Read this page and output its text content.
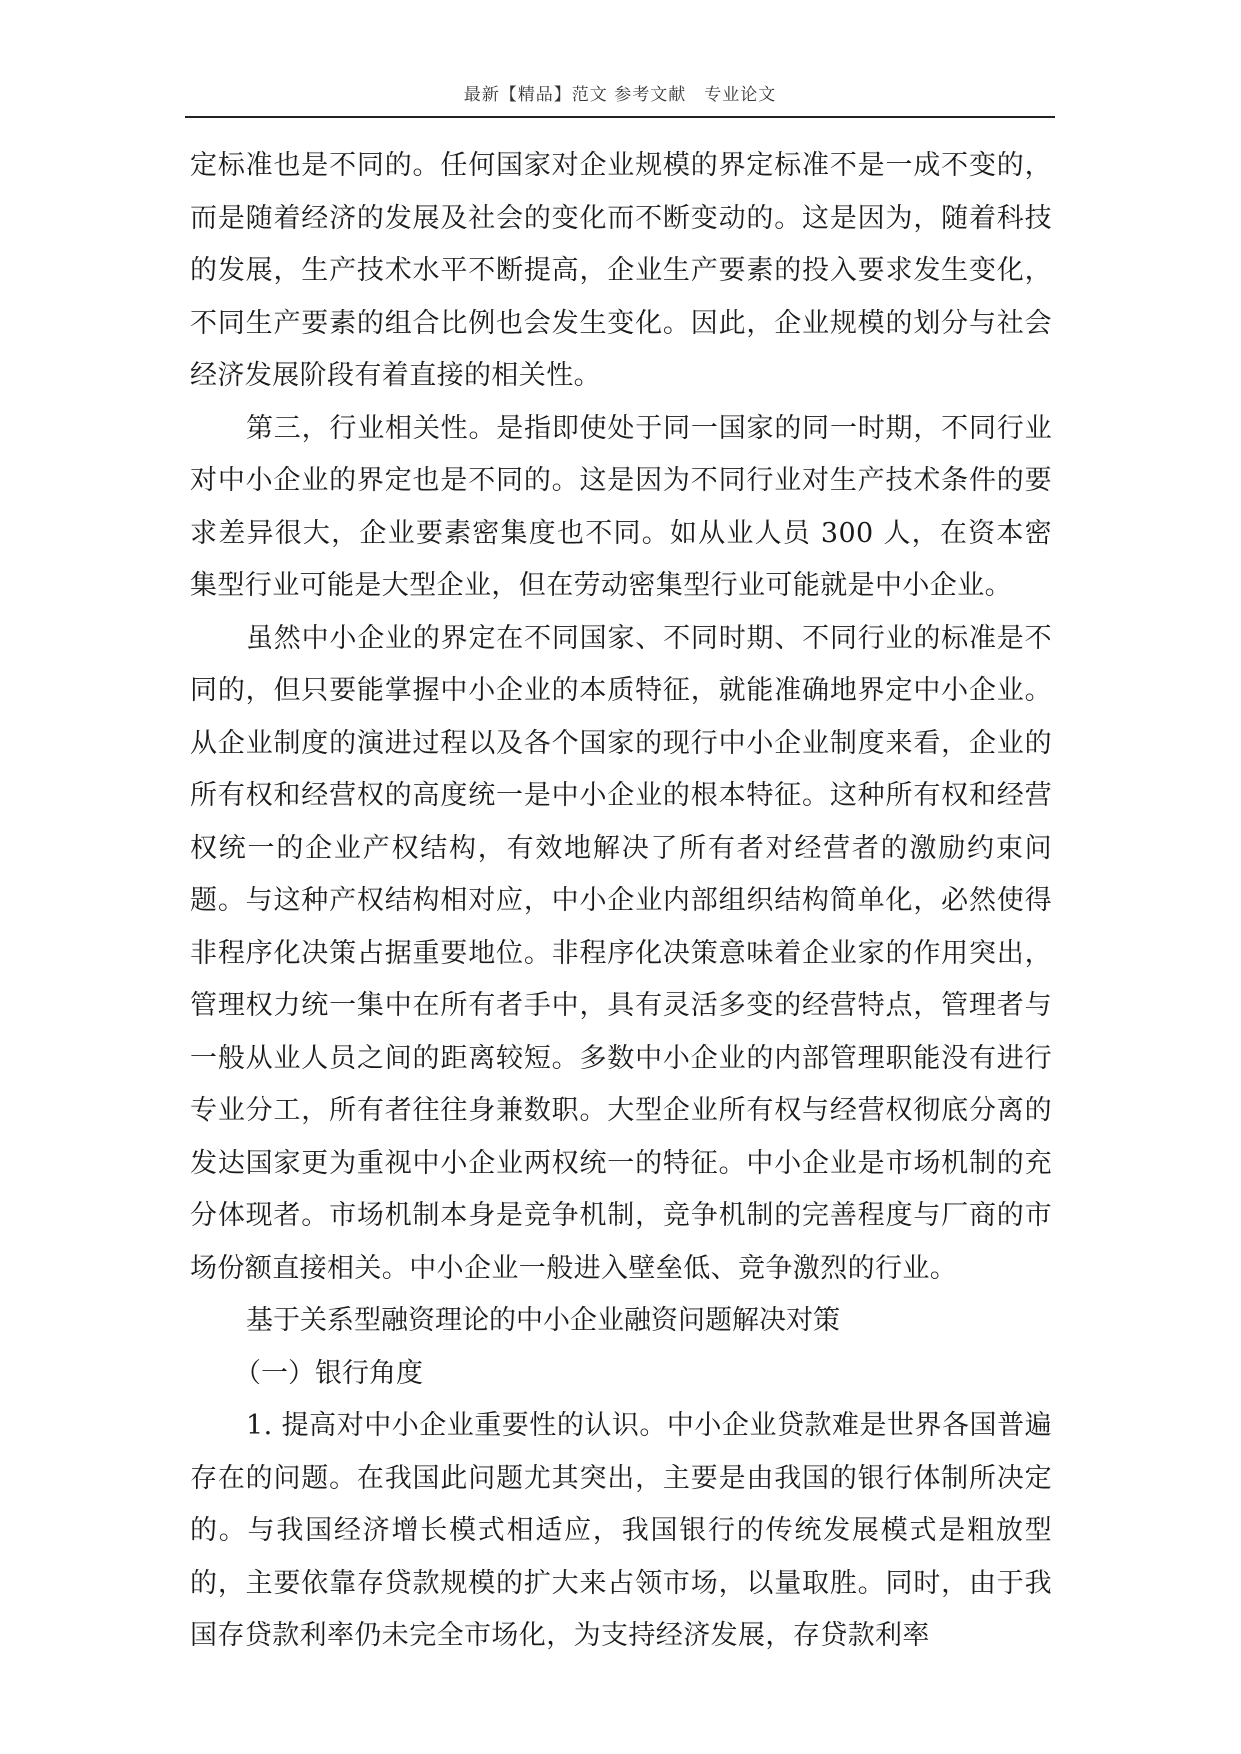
最新【精品】范文 参考文献　专业论文

定标准也是不同的。任何国家对企业规模的界定标准不是一成不变的，而是随着经济的发展及社会的变化而不断变动的。这是因为，随着科技的发展，生产技术水平不断提高，企业生产要素的投入要求发生变化，不同生产要素的组合比例也会发生变化。因此，企业规模的划分与社会经济发展阶段有着直接的相关性。

第三，行业相关性。是指即使处于同一国家的同一时期，不同行业对中小企业的界定也是不同的。这是因为不同行业对生产技术条件的要求差异很大，企业要素密集度也不同。如从业人员 300 人，在资本密集型行业可能是大型企业，但在劳动密集型行业可能就是中小企业。

虽然中小企业的界定在不同国家、不同时期、不同行业的标准是不同的，但只要能掌握中小企业的本质特征，就能准确地界定中小企业。从企业制度的演进过程以及各个国家的现行中小企业制度来看，企业的所有权和经营权的高度统一是中小企业的根本特征。这种所有权和经营权统一的企业产权结构，有效地解决了所有者对经营者的激励约束问题。与这种产权结构相对应，中小企业内部组织结构简单化，必然使得非程序化决策占据重要地位。非程序化决策意味着企业家的作用突出，管理权力统一集中在所有者手中，具有灵活多变的经营特点，管理者与一般从业人员之间的距离较短。多数中小企业的内部管理职能没有进行专业分工，所有者往往身兼数职。大型企业所有权与经营权彻底分离的发达国家更为重视中小企业两权统一的特征。中小企业是市场机制的充分体现者。市场机制本身是竞争机制，竞争机制的完善程度与厂商的市场份额直接相关。中小企业一般进入壁垒低、竞争激烈的行业。

基于关系型融资理论的中小企业融资问题解决对策

（一）银行角度

1. 提高对中小企业重要性的认识。中小企业贷款难是世界各国普遍存在的问题。在我国此问题尤其突出，主要是由我国的银行体制所决定的。与我国经济增长模式相适应，我国银行的传统发展模式是粗放型的，主要依靠存贷款规模的扩大来占领市场，以量取胜。同时，由于我国存贷款利率仍未完全市场化，为支持经济发展，存贷款利率
